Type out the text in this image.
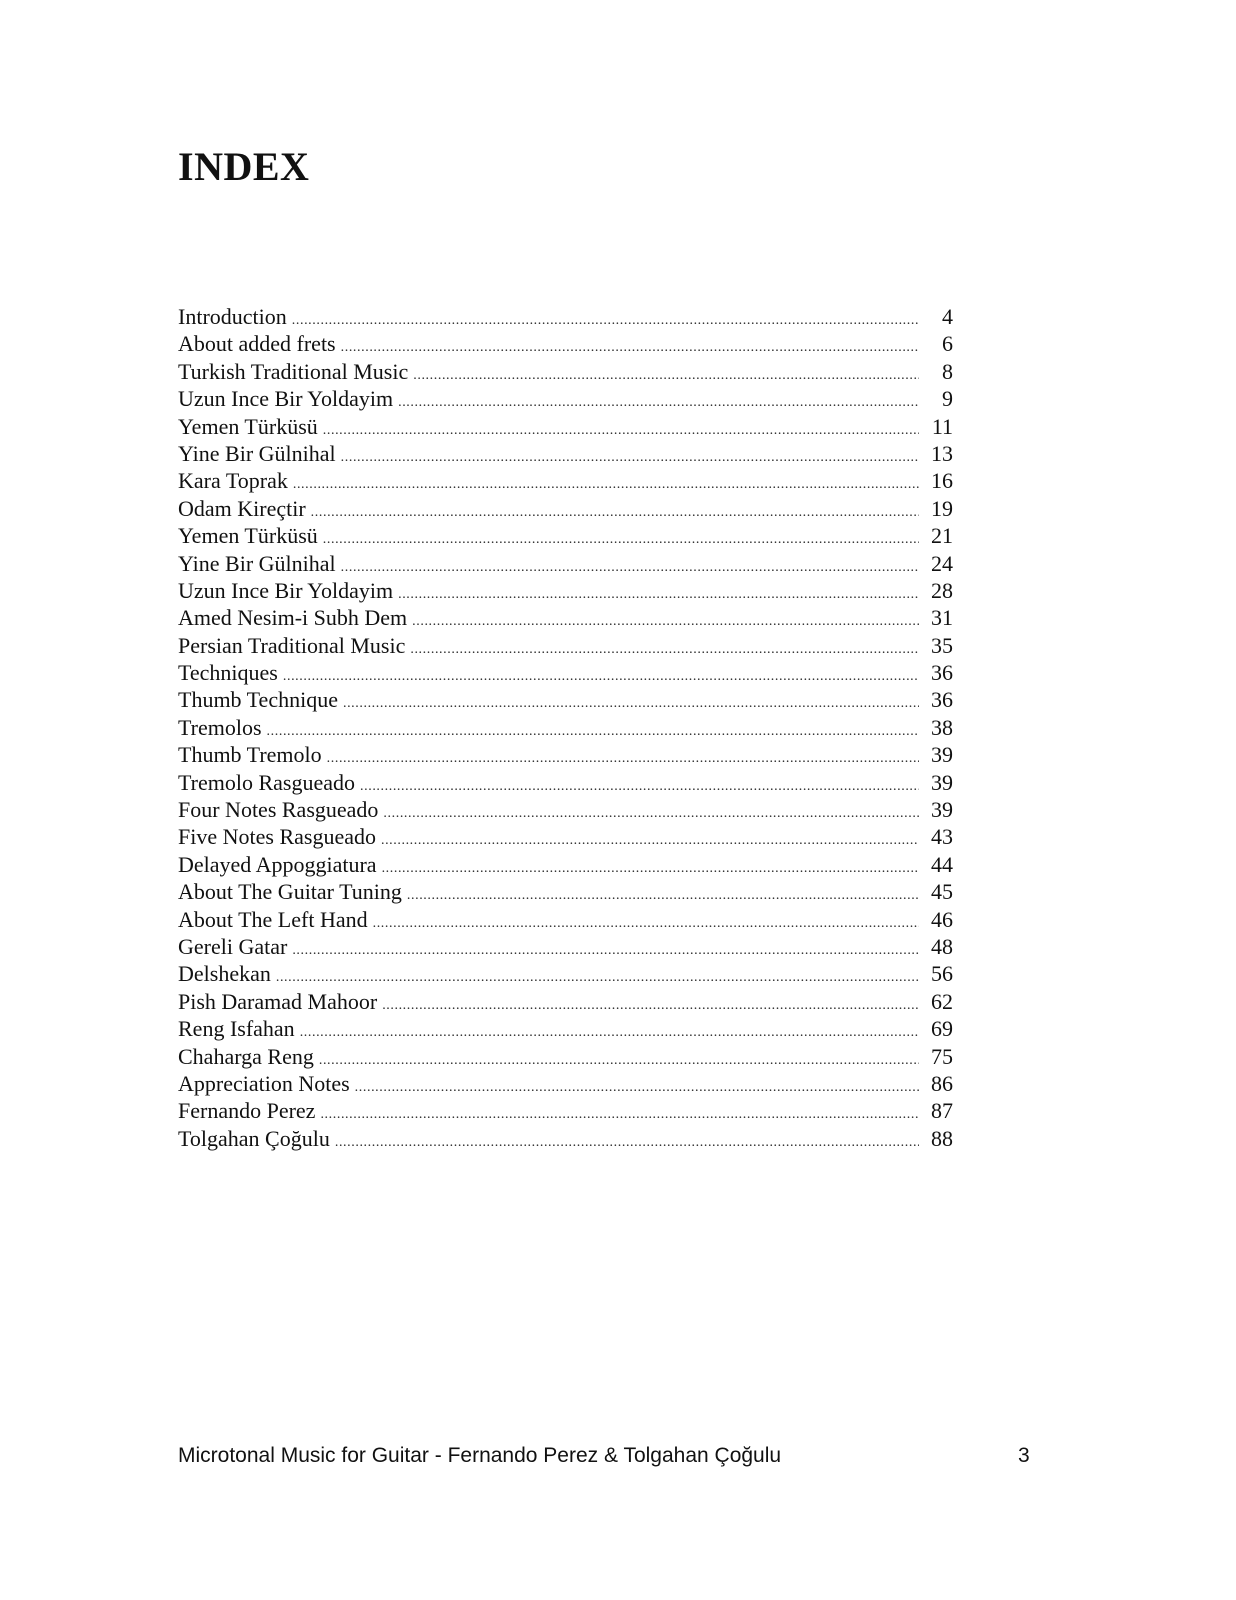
INDEX
Introduction .....	4
About added frets .....	6
Turkish Traditional Music .....	8
Uzun Ince Bir Yoldayim .....	9
Yemen Türküsü .....	11
Yine Bir Gülnihal .....	13
Kara Toprak .....	16
Odam Kireçtir .....	19
Yemen Türküsü .....	21
Yine Bir Gülnihal .....	24
Uzun Ince Bir Yoldayim .....	28
Amed Nesim-i Subh Dem .....	31
Persian Traditional Music .....	35
Techniques .....	36
Thumb Technique .....	36
Tremolos .....	38
Thumb Tremolo .....	39
Tremolo Rasgueado .....	39
Four Notes Rasgueado .....	39
Five Notes Rasgueado .....	43
Delayed Appoggiatura .....	44
About The Guitar Tuning .....	45
About The Left Hand .....	46
Gereli Gatar .....	48
Delshekan .....	56
Pish Daramad Mahoor .....	62
Reng Isfahan .....	69
Chaharga Reng .....	75
Appreciation Notes .....	86
Fernando Perez .....	87
Tolgahan Çoğulu .....	88
Microtonal Music for Guitar - Fernando Perez & Tolgahan Çoğulu	3
